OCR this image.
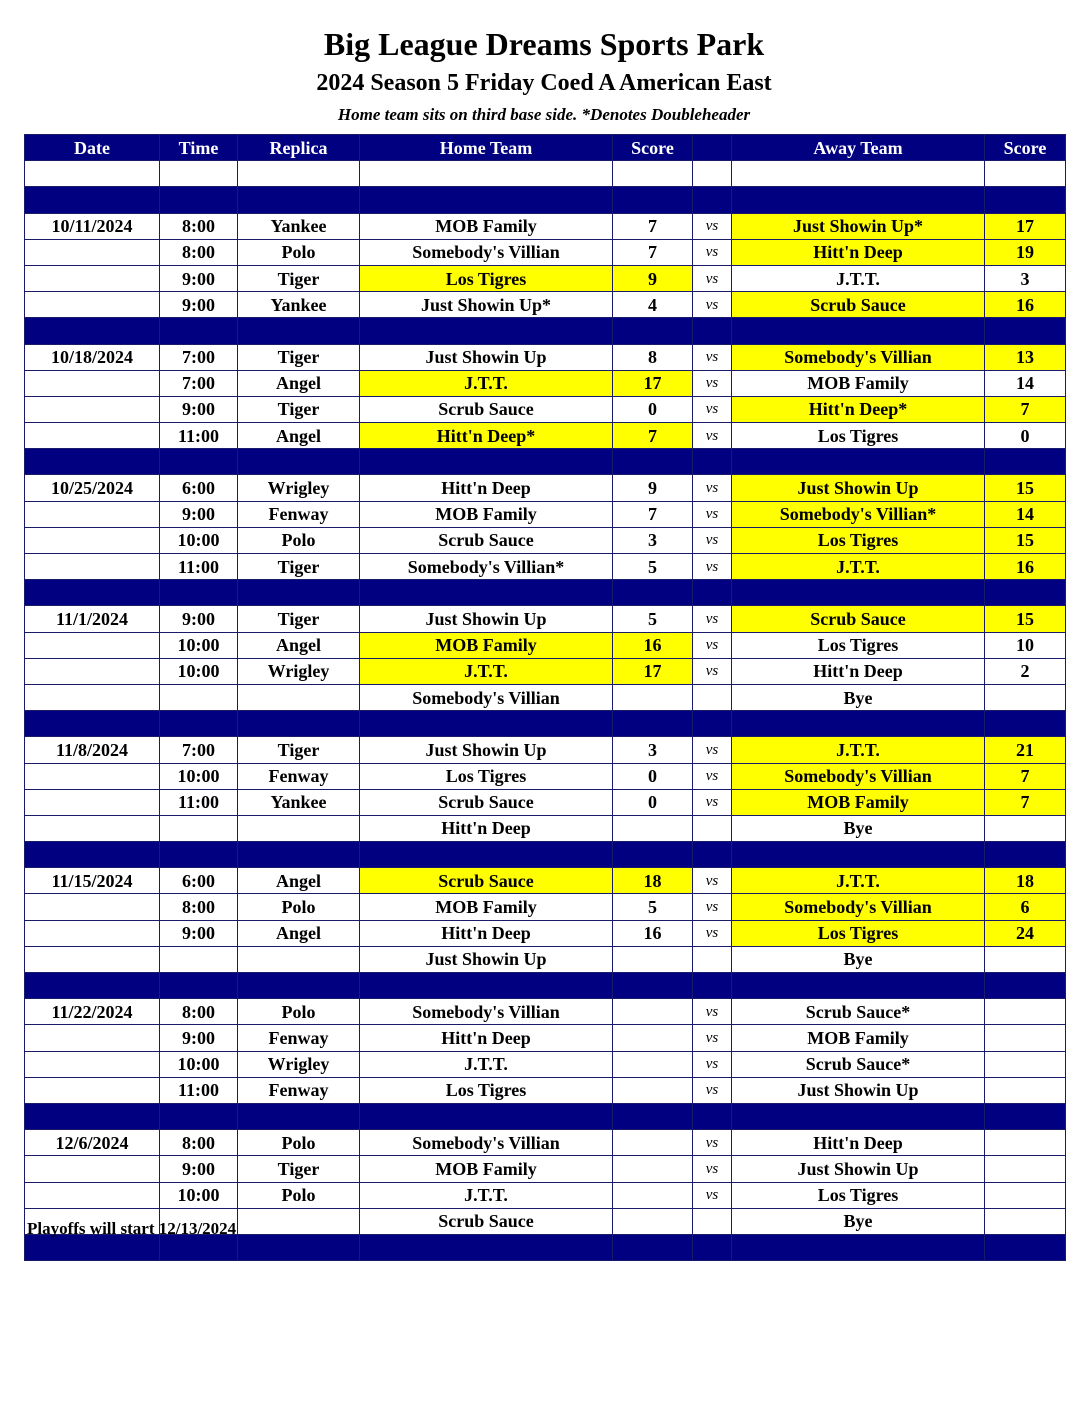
Big League Dreams Sports Park
2024 Season 5 Friday Coed A American East
Home team sits on third base side. *Denotes Doubleheader
Date	Time	Replica	Home Team	Score		Away Team	Score

10/11/2024	8:00	Yankee	MOB Family	7	vs	Just Showin Up*	17
	8:00	Polo	Somebody's Villian	7	vs	Hitt'n Deep	19
	9:00	Tiger	Los Tigres	9	vs	J.T.T.	3
	9:00	Yankee	Just Showin Up*	4	vs	Scrub Sauce	16

10/18/2024	7:00	Tiger	Just Showin Up	8	vs	Somebody's Villian	13
	7:00	Angel	J.T.T.	17	vs	MOB Family	14
	9:00	Tiger	Scrub Sauce	0	vs	Hitt'n Deep*	7
	11:00	Angel	Hitt'n Deep*	7	vs	Los Tigres	0

10/25/2024	6:00	Wrigley	Hitt'n Deep	9	vs	Just Showin Up	15
	9:00	Fenway	MOB Family	7	vs	Somebody's Villian*	14
	10:00	Polo	Scrub Sauce	3	vs	Los Tigres	15
	11:00	Tiger	Somebody's Villian*	5	vs	J.T.T.	16

11/1/2024	9:00	Tiger	Just Showin Up	5	vs	Scrub Sauce	15
	10:00	Angel	MOB Family	16	vs	Los Tigres	10
	10:00	Wrigley	J.T.T.	17	vs	Hitt'n Deep	2
			Somebody's Villian			Bye	

11/8/2024	7:00	Tiger	Just Showin Up	3	vs	J.T.T.	21
	10:00	Fenway	Los Tigres	0	vs	Somebody's Villian	7
	11:00	Yankee	Scrub Sauce	0	vs	MOB Family	7
			Hitt'n Deep			Bye	

11/15/2024	6:00	Angel	Scrub Sauce	18	vs	J.T.T.	18
	8:00	Polo	MOB Family	5	vs	Somebody's Villian	6
	9:00	Angel	Hitt'n Deep	16	vs	Los Tigres	24
			Just Showin Up			Bye	

11/22/2024	8:00	Polo	Somebody's Villian		vs	Scrub Sauce*	
	9:00	Fenway	Hitt'n Deep		vs	MOB Family	
	10:00	Wrigley	J.T.T.		vs	Scrub Sauce*	
	11:00	Fenway	Los Tigres		vs	Just Showin Up	

12/6/2024	8:00	Polo	Somebody's Villian		vs	Hitt'n Deep	
	9:00	Tiger	MOB Family		vs	Just Showin Up	
	10:00	Polo	J.T.T.		vs	Los Tigres	
			Scrub Sauce			Bye	

Playoffs will start 12/13/2024
